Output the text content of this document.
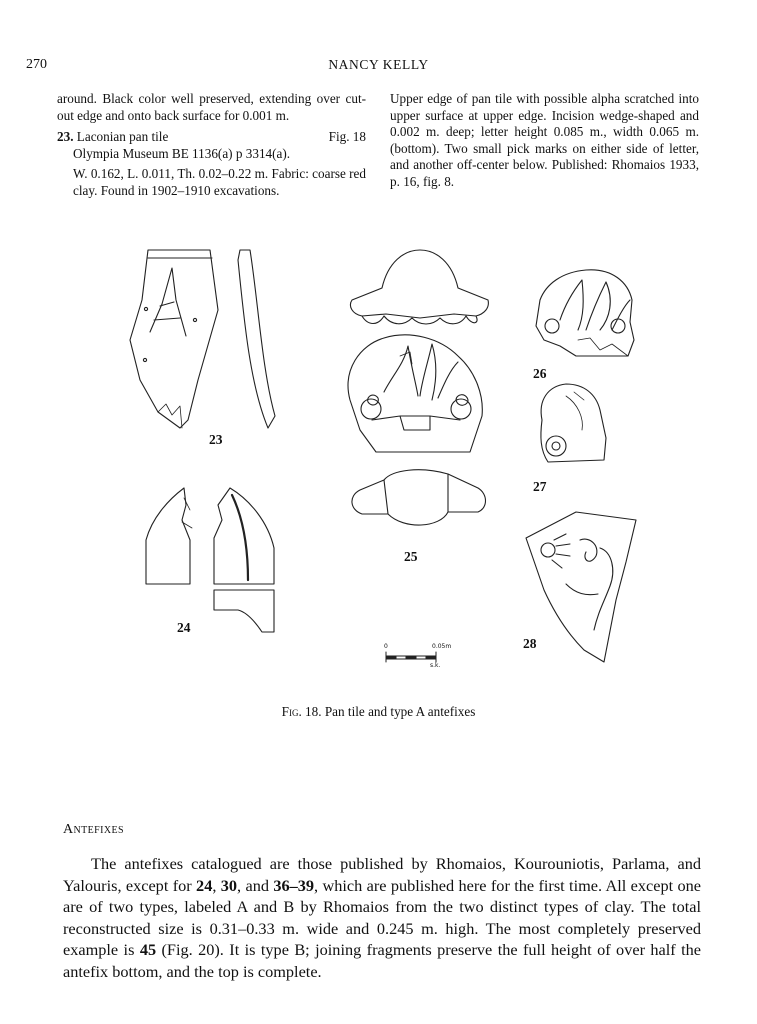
270	NANCY KELLY

around. Black color well preserved, extending over cut-out edge and onto back surface for 0.001 m.

23. Laconian pan tile	Fig. 18

Olympia Museum BE 1136(a) p 3314(a).

W. 0.162, L. 0.011, Th. 0.02–0.22 m. Fabric: coarse red clay. Found in 1902–1910 excavations.

Upper edge of pan tile with possible alpha scratched into upper surface at upper edge. Incision wedge-shaped and 0.002 m. deep; letter height 0.085 m., width 0.065 m. (bottom). Two small pick marks on either side of letter, and another off-center below. Published: Rhomaios 1933, p. 16, fig. 8.

23
24
25
26
27
28
0	0.05m
s.k.
Fig. 18. Pan tile and type A antefixes
Antefixes

The antefixes catalogued are those published by Rhomaios, Kourouniotis, Parlama, and Yalouris, except for 24, 30, and 36–39, which are published here for the first time. All except one are of two types, labeled A and B by Rhomaios from the two distinct types of clay. The total reconstructed size is 0.31–0.33 m. wide and 0.245 m. high. The most completely preserved example is 45 (Fig. 20). It is type B; joining fragments preserve the full height of over half the antefix bottom, and the top is complete.
